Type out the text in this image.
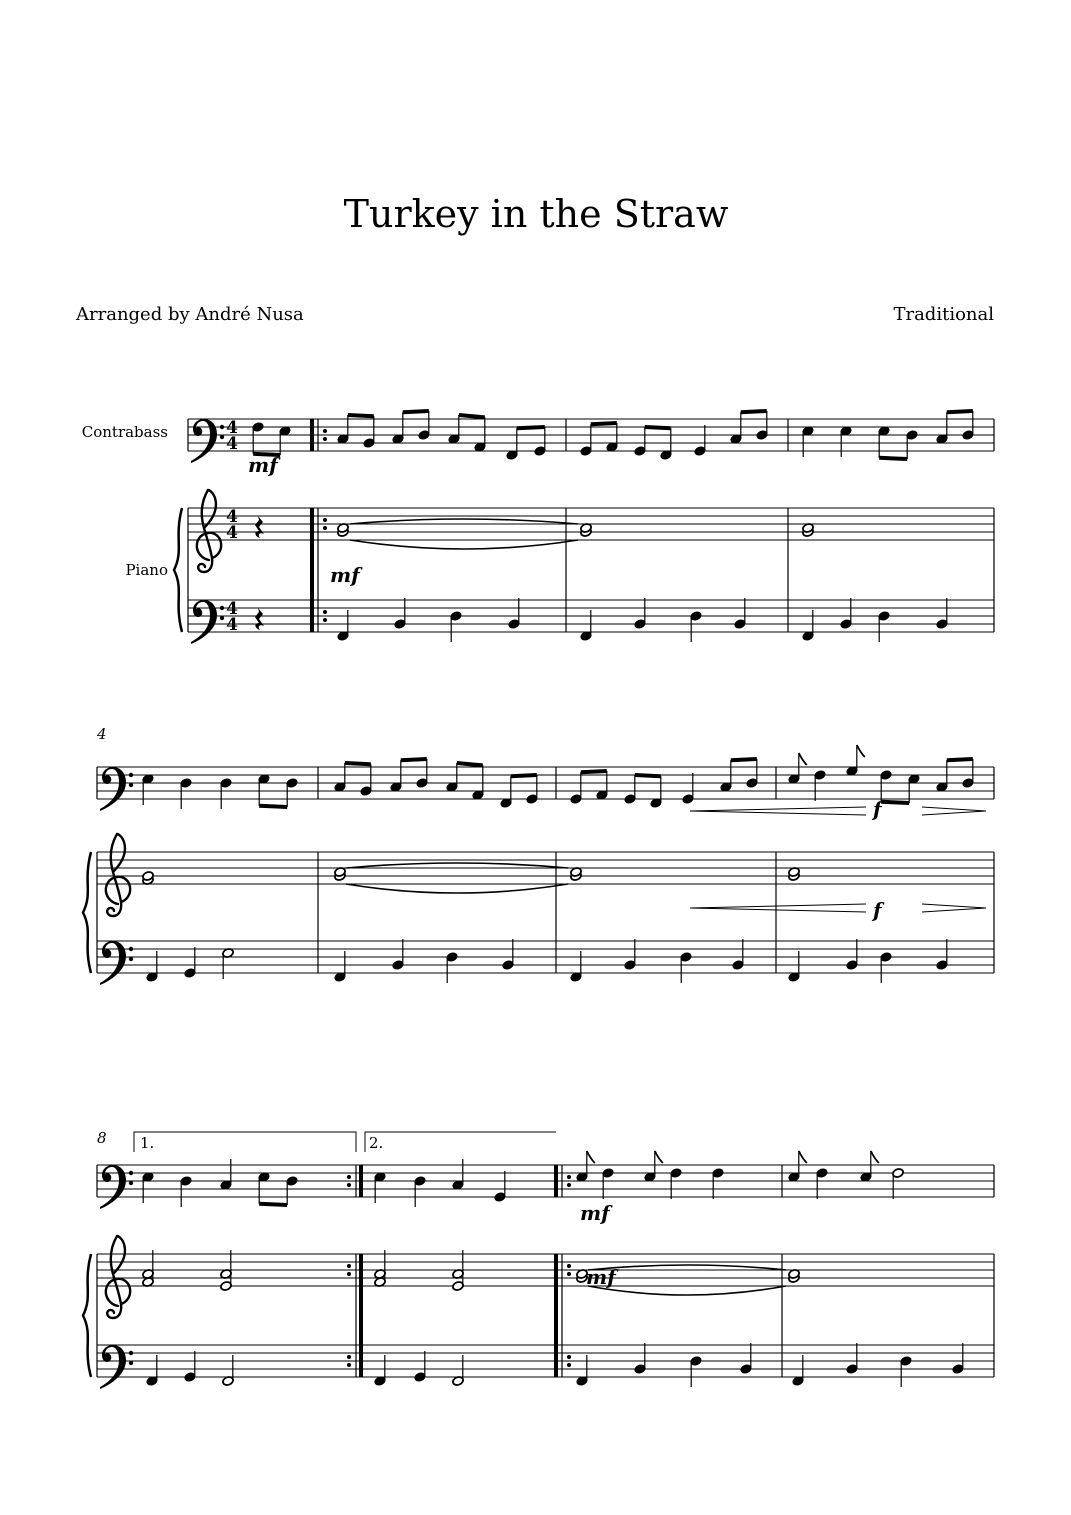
Turkey in the Straw
Arranged by André Nusa	Traditional
Contrabass
Piano
4
8
4
4
4
4
4
4
mf
mf
f
f
mf
mf
1.	2.
